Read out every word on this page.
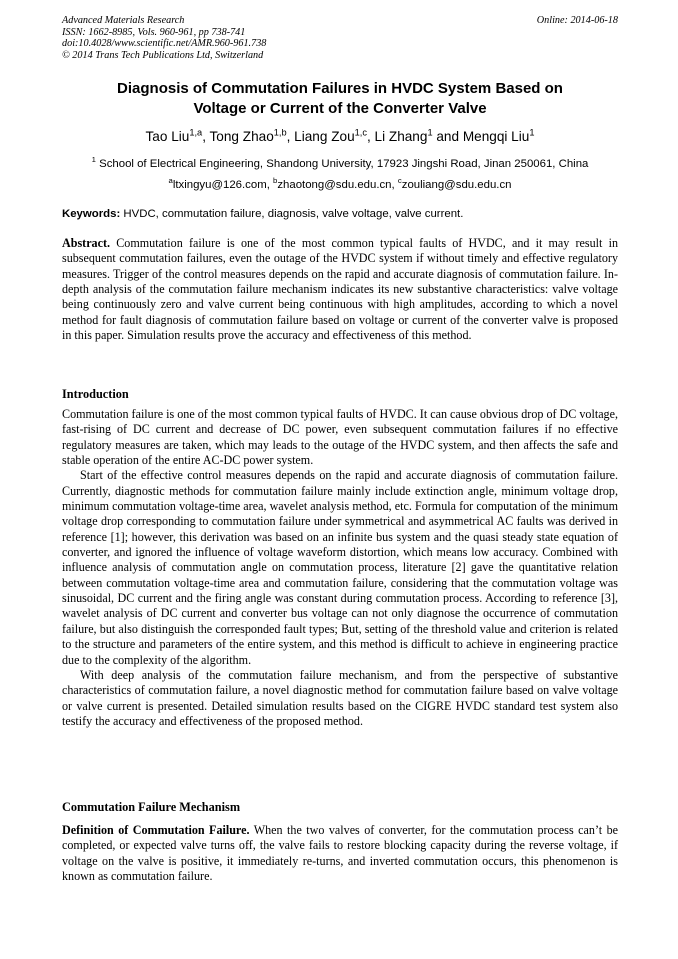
Advanced Materials Research
ISSN: 1662-8985, Vols. 960-961, pp 738-741
doi:10.4028/www.scientific.net/AMR.960-961.738
© 2014 Trans Tech Publications Ltd, Switzerland
Online: 2014-06-18
Diagnosis of Commutation Failures in HVDC System Based on
Voltage or Current of the Converter Valve
Tao Liu$^{1,a}$, Tong Zhao$^{1,b}$, Liang Zou$^{1,c}$, Li Zhang$^1$ and Mengqi Liu$^1$
$^1$ School of Electrical Engineering, Shandong University, 17923 Jingshi Road, Jinan 250061, China
$^a$ltxingyu@126.com, $^b$zhaotong@sdu.edu.cn, $^c$zouliang@sdu.edu.cn
Keywords: HVDC, commutation failure, diagnosis, valve voltage, valve current.

Abstract. Commutation failure is one of the most common typical faults of HVDC, and it may result in subsequent commutation failures, even the outage of the HVDC system if without timely and effective regulatory measures. Trigger of the control measures depends on the rapid and accurate diagnosis of commutation failure. In-depth analysis of the commutation failure mechanism indicates its new substantive characteristics: valve voltage being continuously zero and valve current being continuous with high amplitudes, according to which a novel method for fault diagnosis of commutation failure based on voltage or current of the converter valve is proposed in this paper. Simulation results prove the accuracy and effectiveness of this method.

Introduction

Commutation failure is one of the most common typical faults of HVDC. It can cause obvious drop of DC voltage, fast-rising of DC current and decrease of DC power, even subsequent commutation failures if no effective regulatory measures are taken, which may leads to the outage of the HVDC system, and then affects the safe and stable operation of the entire AC-DC power system.

Start of the effective control measures depends on the rapid and accurate diagnosis of commutation failure. Currently, diagnostic methods for commutation failure mainly include extinction angle, minimum voltage drop, minimum commutation voltage-time area, wavelet analysis method, etc. Formula for computation of the minimum voltage drop corresponding to commutation failure under symmetrical and asymmetrical AC faults was derived in reference [1]; however, this derivation was based on an infinite bus system and the quasi steady state equation of converter, and ignored the influence of voltage waveform distortion, which means low accuracy. Combined with influence analysis of commutation angle on commutation process, literature [2] gave the quantitative relation between commutation voltage-time area and commutation failure, considering that the commutation voltage was sinusoidal, DC current and the firing angle was constant during commutation process. According to reference [3], wavelet analysis of DC current and converter bus voltage can not only diagnose the occurrence of commutation failure, but also distinguish the corresponded fault types; But, setting of the threshold value and criterion is related to the structure and parameters of the entire system, and this method is difficult to achieve in engineering practice due to the complexity of the algorithm.

With deep analysis of the commutation failure mechanism, and from the perspective of substantive characteristics of commutation failure, a novel diagnostic method for commutation failure based on valve voltage or valve current is presented. Detailed simulation results based on the CIGRE HVDC standard test system also testify the accuracy and effectiveness of the proposed method.

Commutation Failure Mechanism

Definition of Commutation Failure. When the two valves of converter, for the commutation process can’t be completed, or expected valve turns off, the valve fails to restore blocking capacity during the reverse voltage, if voltage on the valve is positive, it immediately re-turns, and inverted commutation occurs, this phenomenon is known as commutation failure.
